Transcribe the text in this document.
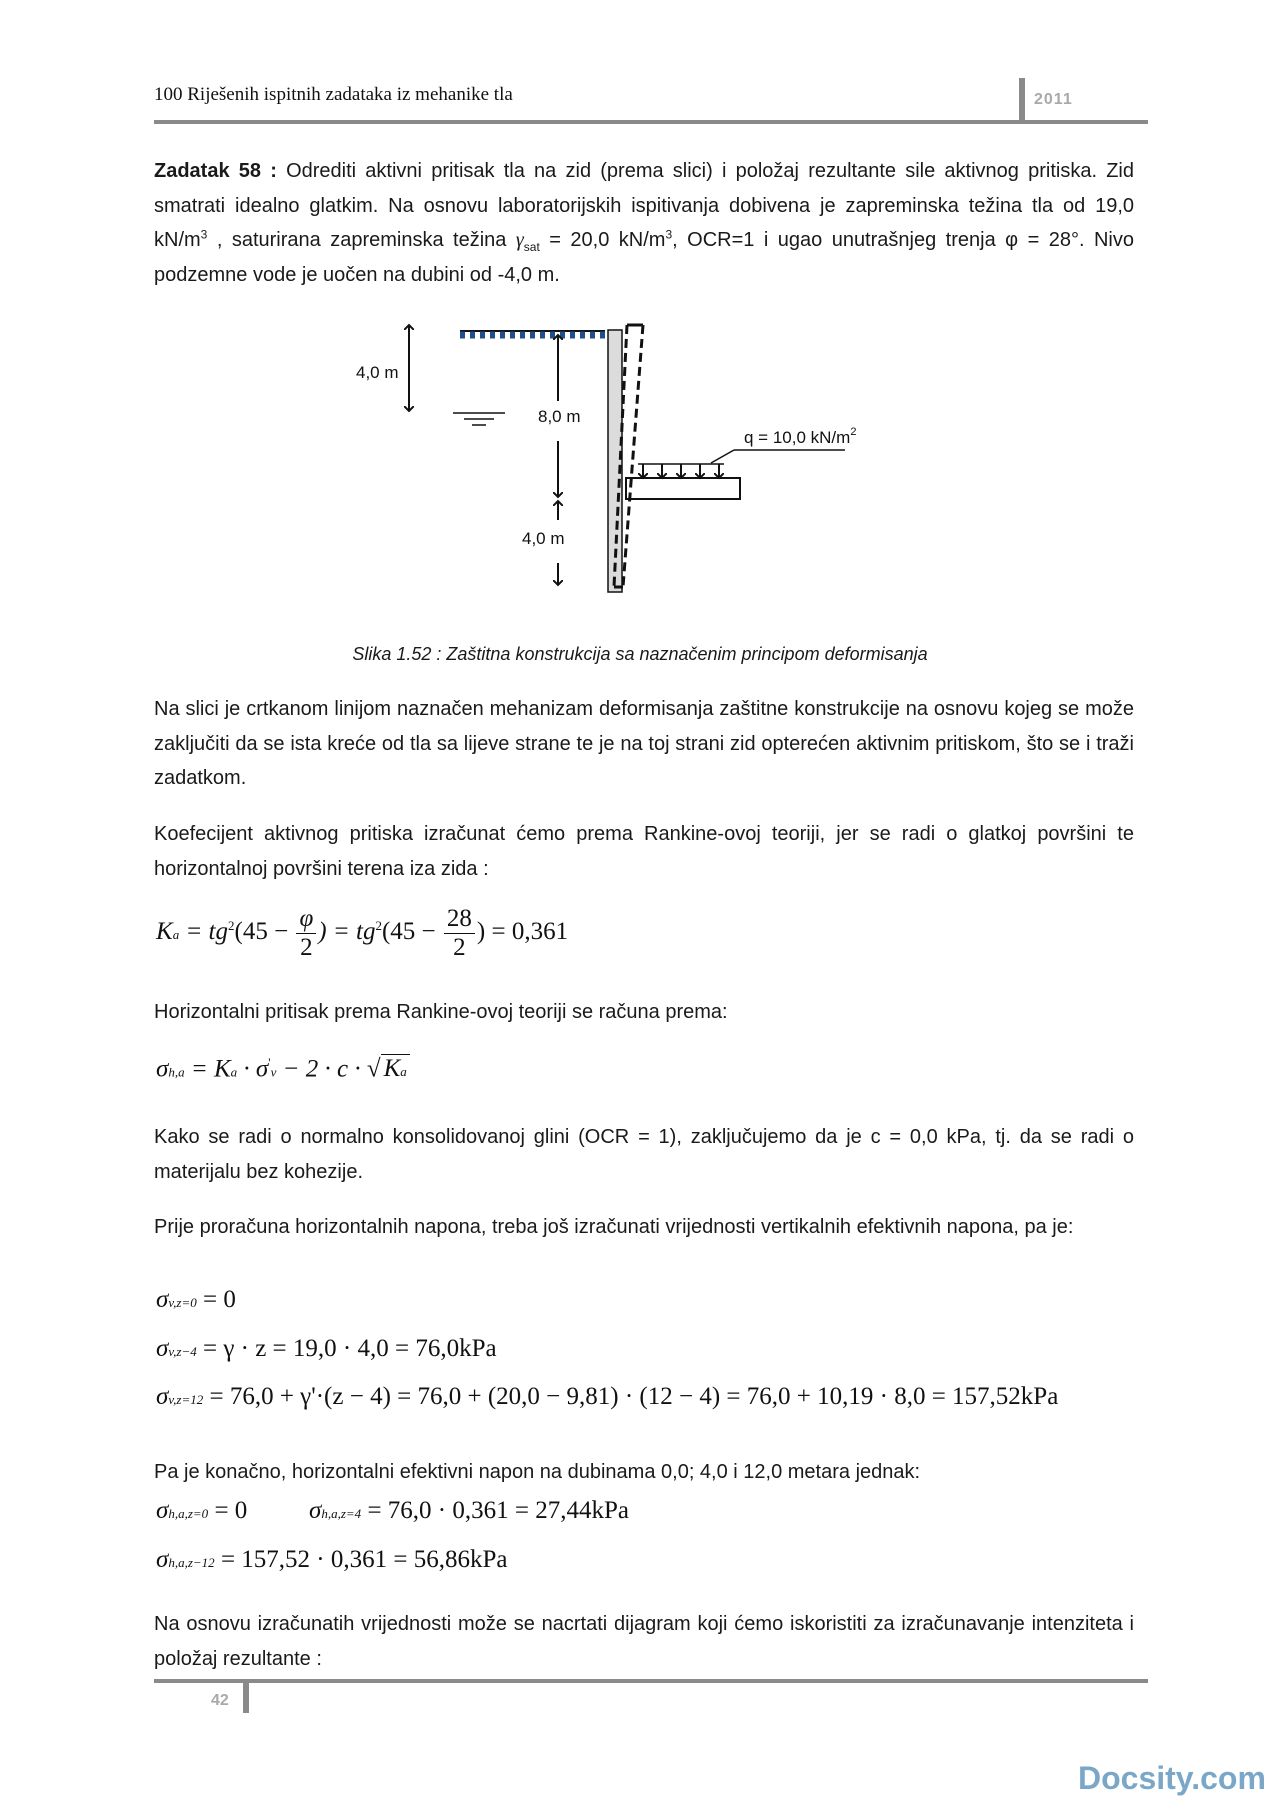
100 Riješenih ispitnih zadataka iz mehanike tla	2011
Zadatak 58 : Odrediti aktivni pritisak tla na zid (prema slici) i položaj rezultante sile aktivnog pritiska. Zid smatrati idealno glatkim. Na osnovu laboratorijskih ispitivanja dobivena je zapreminska težina tla od 19,0 $kN/m^3$ , saturirana zapreminska težina $\gamma_{sat} = 20,0$ $kN/m^3$, OCR=1 i ugao unutrašnjeg trenja φ = 28°. Nivo podzemne vode je uočen na dubini od -4,0 m.
4,0 m
8,0 m
4,0 m
q = 10,0 $kN/m^2$
Slika 1.52 : Zaštitna konstrukcija sa naznačenim principom deformisanja
Na slici je crtkanom linijom naznačen mehanizam deformisanja zaštitne konstrukcije na osnovu kojeg se može zaključiti da se ista kreće od tla sa lijeve strane te je na toj strani zid opterećen aktivnim pritiskom, što se i traži zadatkom.
Koefecijent aktivnog pritiska izračunat ćemo prema Rankine-ovoj teoriji, jer se radi o glatkoj površini te horizontalnoj površini terena iza zida :
$Ka = tg^2(45 - \frac{\varphi}{2}$ ) = $tg^2(45 - \frac{28}{2}$ ) = 0,361
Horizontalni pritisak prema Rankine-ovoj teoriji se računa prema:
σh,a = Ka · σ'v − 2 · c · √ Ka
Kako se radi o normalno konsolidovanoj glini (OCR = 1), zaključujemo da je c = 0,0 kPa, tj. da se radi o materijalu bez kohezije.
Prije proračuna horizontalnih napona, treba još izračunati vrijednosti vertikalnih efektivnih napona, pa je:
σv,z=0 = 0
σv,z−4 = γ · z = 19,0 · 4,0 = 76,0kPa
σv,z=12 = 76,0 + γ'·(z − 4) = 76,0 + (20,0 − 9,81) · (12 − 4) = 76,0 + 10,19 · 8,0 = 157,52kPa
Pa je konačno, horizontalni efektivni napon na dubinama 0,0; 4,0 i 12,0 metara jednak:
σh,a,z=0 = 0 σh,a,z=4 = 76,0 · 0,361 = 27,44kPa
σh,a,z−12 = 157,52 · 0,361 = 56,86kPa
Na osnovu izračunatih vrijednosti može se nacrtati dijagram koji ćemo iskoristiti za izračunavanje intenziteta i položaj rezultante :
42
Docsity.com
